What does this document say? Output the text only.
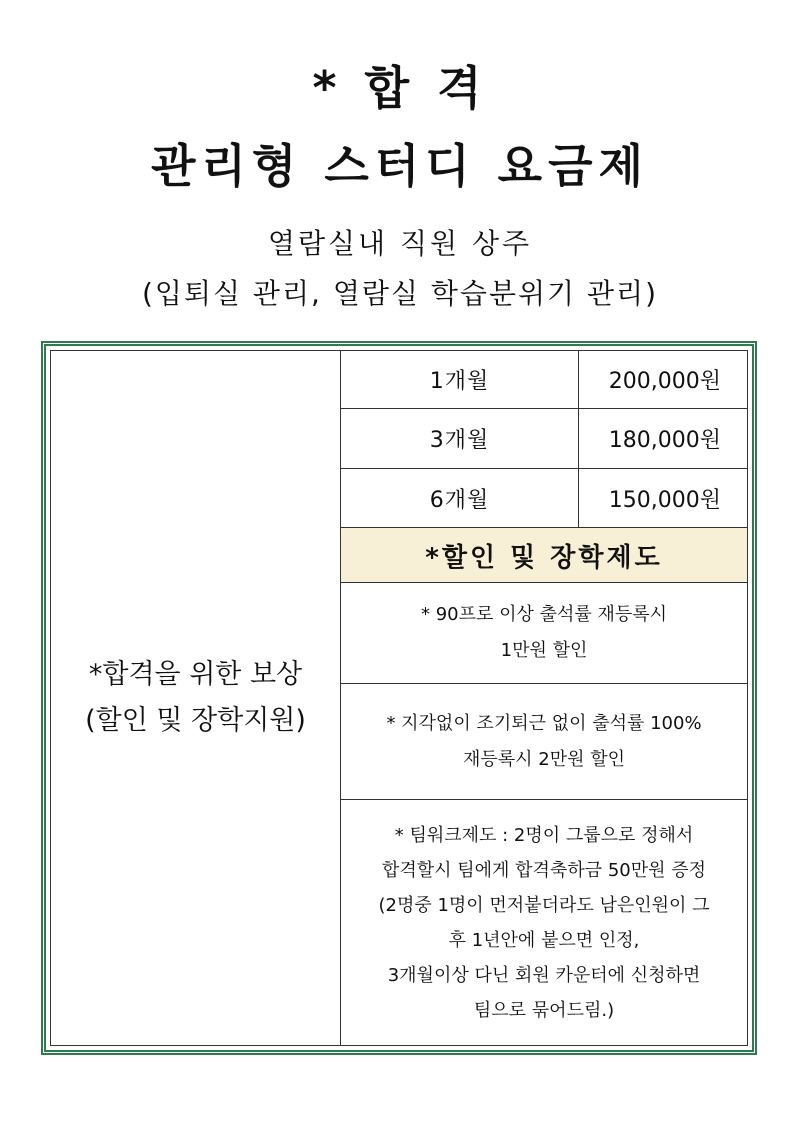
* 합 격
관리형 스터디 요금제
열람실내 직원 상주
(입퇴실 관리, 열람실 학습분위기 관리)
*합격을 위한 보상
(할인 및 장학지원)
1개월	200,000원
3개월	180,000원
6개월	150,000원
*할인 및 장학제도
* 90프로 이상 출석률 재등록시
1만원 할인
* 지각없이 조기퇴근 없이 출석률 100%
재등록시 2만원 할인
* 팀워크제도 : 2명이 그룹으로 정해서
합격할시 팀에게 합격축하금 50만원 증정
(2명중 1명이 먼저붙더라도 남은인원이 그
후 1년안에 붙으면 인정,
3개월이상 다닌 회원 카운터에 신청하면
팀으로 묶어드림.)
